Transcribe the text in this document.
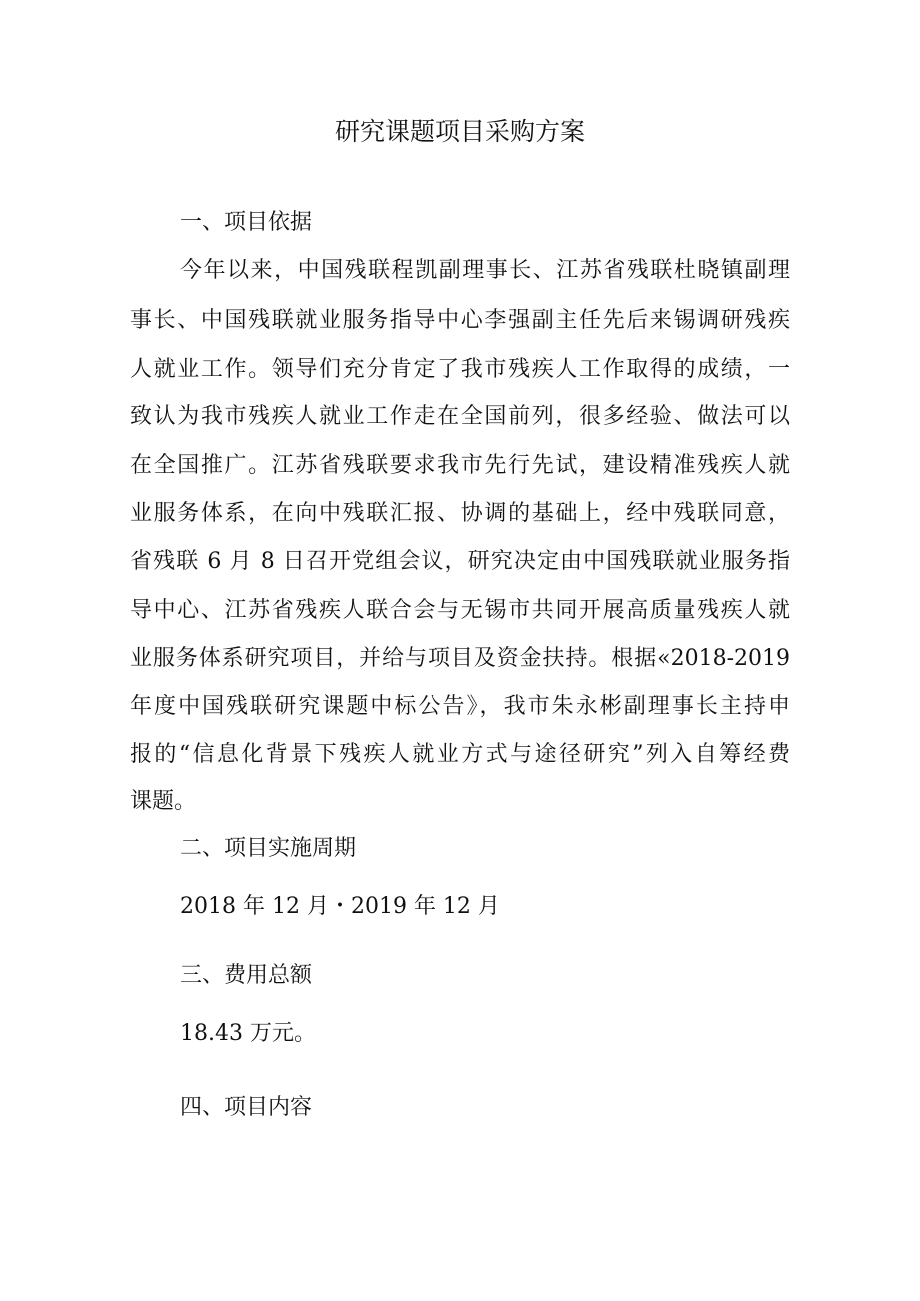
研究课题项目采购方案
一、项目依据
今年以来，中国残联程凯副理事长、江苏省残联杜晓镇副理
事长、中国残联就业服务指导中心李强副主任先后来锡调研残疾
人就业工作。领导们充分肯定了我市残疾人工作取得的成绩，一
致认为我市残疾人就业工作走在全国前列，很多经验、做法可以
在全国推广。江苏省残联要求我市先行先试，建设精准残疾人就
业服务体系，在向中残联汇报、协调的基础上，经中残联同意，
省残联 6 月 8 日召开党组会议，研究决定由中国残联就业服务指
导中心、江苏省残疾人联合会与无锡市共同开展高质量残疾人就
业服务体系研究项目，并给与项目及资金扶持。根据«2018-2019
年度中国残联研究课题中标公告》，我市朱永彬副理事长主持申
报的“信息化背景下残疾人就业方式与途径研究”列入自筹经费
课题。
二、项目实施周期
2018 年 12 月・2019 年 12 月
三、费用总额
18.43 万元。
四、项目内容
